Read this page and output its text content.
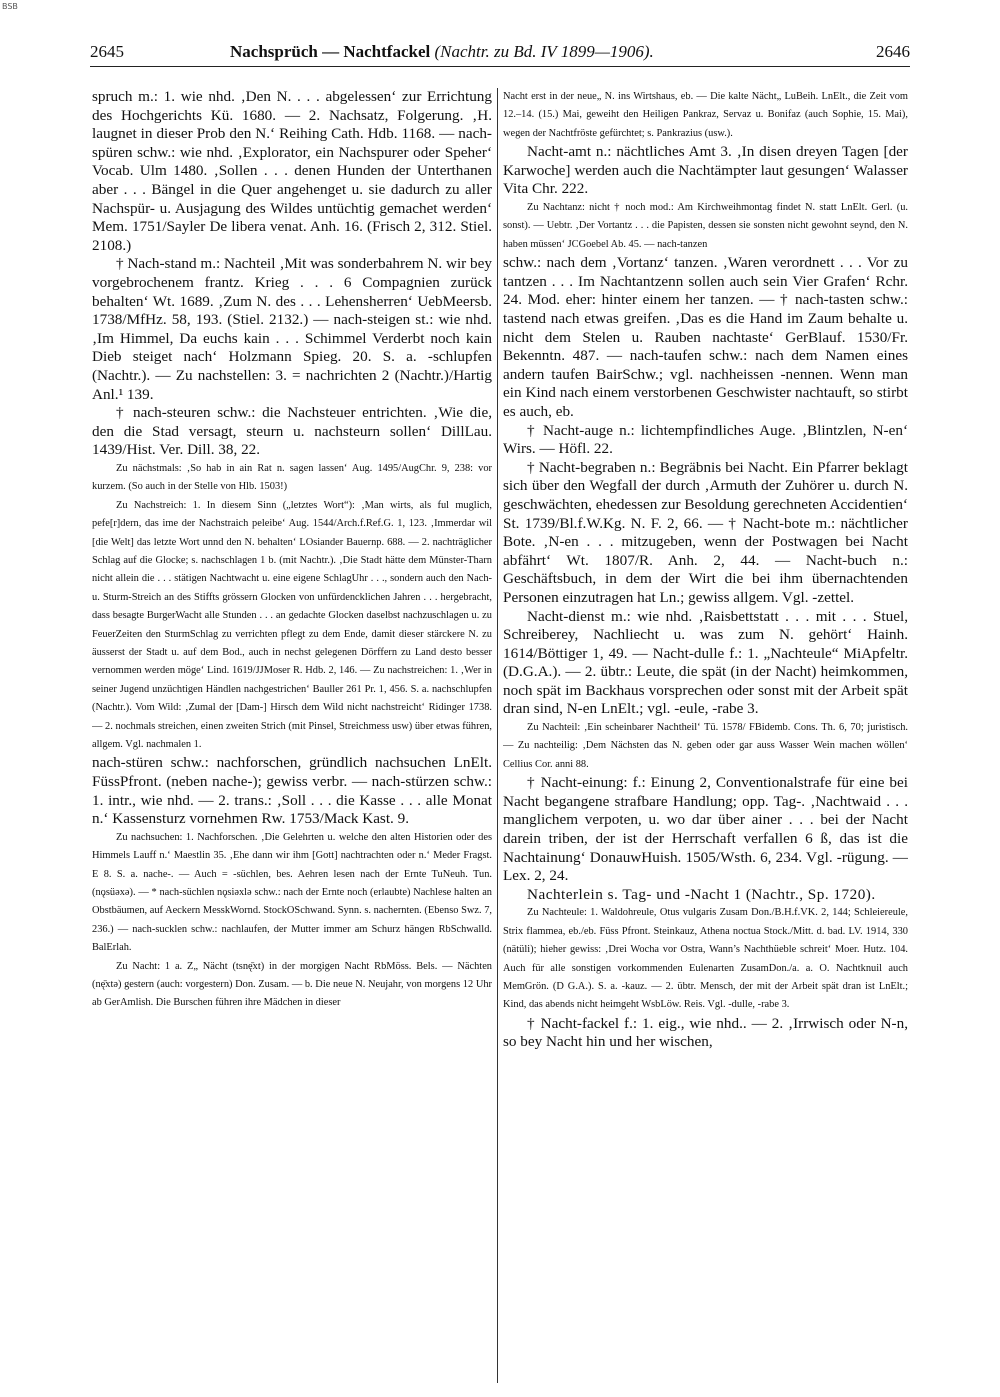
BSB
2645	Nachsprüch — Nachtfackel (Nachtr. zu Bd. IV 1899—1906).	2646

spruch m.: 1. wie nhd. ‚Den N. . . . abgelessen‘ zur Errichtung des Hochgerichts Kü. 1680. — 2. Nachsatz, Folgerung. ‚H. laugnet in dieser Prob den N.‘ Reihing Cath. Hdb. 1168. — nach-spüren schw.: wie nhd. ‚Explorator, ein Nachspurer oder Speher‘ Vocab. Ulm 1480. ‚Sollen . . . denen Hunden der Unterthanen aber . . . Bängel in die Quer angehenget u. sie dadurch zu aller Nachspür- u. Ausjagung des Wildes untüchtig gemachet werden‘ Mem. 1751/Sayler De libera venat. Anh. 16. (Frisch 2, 312. Stiel. 2108.)

† Nach-stand m.: Nachteil ‚Mit was sonderbahrem N. wir bey vorgebrochenem frantz. Krieg . . . 6 Compagnien zurück behalten‘ Wt. 1689. ‚Zum N. des . . . Lehensherren‘ UebMeersb. 1738/MfHz. 58, 193. (Stiel. 2132.) — nach-steigen st.: wie nhd. ‚Im Himmel, Da euchs kain . . . Schimmel Verderbt noch kain Dieb steiget nach‘ Holzmann Spieg. 20. S. a. -schlupfen (Nachtr.). — Zu nachstellen: 3. = nachrichten 2 (Nachtr.)/Hartig Anl.¹ 139.

† nach-steuren schw.: die Nachsteuer entrichten. ‚Wie die, den die Stad versagt, steurn u. nachsteurn sollen‘ DillLau. 1439/Hist. Ver. Dill. 38, 22.

Zu nächstmals: ‚So hab in ain Rat n. sagen lassen‘ Aug. 1495/AugChr. 9, 238: vor kurzem. (So auch in der Stelle von Hlb. 1503!)

Zu Nachstreich: 1. In diesem Sinn („letztes Wort“): ‚Man wirts, als ful muglich, pefe[r]dern, das ime der Nachstraich peleibe‘ Aug. 1544/Arch.f.Ref.G. 1, 123. ‚Immerdar wil [die Welt] das letzte Wort unnd den N. behalten‘ LOsiander Bauernp. 688. — 2. nachträglicher Schlag auf die Glocke; s. nachschlagen 1 b. (mit Nachtr.). ‚Die Stadt hätte dem Münster-Tharn nicht allein die . . . stätigen Nachtwacht u. eine eigene SchlagUhr . . ., sondern auch den Nach- u. Sturm-Streich an des Stiffts grössern Glocken von unfürdencklichen Jahren . . . hergebracht, dass besagte BurgerWacht alle Stunden . . . an gedachte Glocken daselbst nachzuschlagen u. zu FeuerZeiten den SturmSchlag zu verrichten pflegt zu dem Ende, damit dieser stärckere N. zu äusserst der Stadt u. auf dem Bod., auch in nechst gelegenen Dörffern zu Land desto besser vernommen werden möge‘ Lind. 1619/JJMoser R. Hdb. 2, 146. — Zu nachstreichen: 1. ‚Wer in seiner Jugend unzüchtigen Händlen nachgestrichen‘ Bauller 261 Pr. 1, 456. S. a. nachschlupfen (Nachtr.). Vom Wild: ‚Zumal der [Dam-] Hirsch dem Wild nicht nachstreicht‘ Ridinger 1738. — 2. nochmals streichen, einen zweiten Strich (mit Pinsel, Streichmess usw) über etwas führen, allgem. Vgl. nachmalen 1.

nach-stüren schw.: nachforschen, gründlich nachsuchen LnElt. FüssPfront. (neben nache-); gewiss verbr. — nach-stürzen schw.: 1. intr., wie nhd. — 2. trans.: ‚Soll . . . die Kasse . . . alle Monat n.‘ Kassensturz vornehmen Rw. 1753/Mack Kast. 9.

Zu nachsuchen: 1. Nachforschen. ‚Die Gelehrten u. welche den alten Historien oder des Himmels Lauff n.‘ Maestlin 35. ‚Ehe dann wir ihm [Gott] nachtrachten oder n.‘ Meder Fragst. E 8. S. a. nache-. — Auch = -süchlen, bes. Aehren lesen nach der Ernte TuNeuh. Tun. (nǫsüəxə). — * nach-süchlen nǫsiəxlə schw.: nach der Ernte noch (erlaubte) Nachlese halten an Obstbäumen, auf Aeckern MesskWornd. StockOSchwand. Synn. s. nachernten. (Ebenso Swz. 7, 236.) — nach-sucklen schw.: nachlaufen, der Mutter immer am Schurz hängen RbSchwalld. BalErlah.

Zu Nacht: 1 a. Z„ Nächt (tsnę̄xt) in der morgigen Nacht RbMöss. Bels. — Nächten (nę̄xtə) gestern (auch: vorgestern) Don. Zusam. — b. Die neue N. Neujahr, von morgens 12 Uhr ab GerAmlish. Die Burschen führen ihre Mädchen in dieser

Nacht erst in der neue„ N. ins Wirtshaus, eb. — Die kalte Nächt„ LuBeih. LnElt., die Zeit vom 12.–14. (15.) Mai, geweiht den Heiligen Pankraz, Servaz u. Bonifaz (auch Sophie, 15. Mai), wegen der Nachtfröste gefürchtet; s. Pankrazius (usw.).

Nacht-amt n.: nächtliches Amt 3. ‚In disen dreyen Tagen [der Karwoche] werden auch die Nachtämpter laut gesungen‘ Walasser Vita Chr. 222.

Zu Nachtanz: nicht † noch mod.: Am Kirchweihmontag findet N. statt LnElt. Gerl. (u. sonst). — Uebtr. ‚Der Vortantz . . . die Papisten, dessen sie sonsten nicht gewohnt seynd, den N. haben müssen‘ JCGoebel Ab. 45. — nach-tanzen

schw.: nach dem ‚Vortanz‘ tanzen. ‚Waren verordnett . . . Vor zu tantzen . . . Im Nachtantzenn sollen auch sein Vier Grafen‘ Rchr. 24. Mod. eher: hinter einem her tanzen. — † nach-tasten schw.: tastend nach etwas greifen. ‚Das es die Hand im Zaum behalte u. nicht dem Stelen u. Rauben nachtaste‘ GerBlauf. 1530/Fr. Bekenntn. 487. — nach-taufen schw.: nach dem Namen eines andern taufen BairSchw.; vgl. nachheissen -nennen. Wenn man ein Kind nach einem verstorbenen Geschwister nachtauft, so stirbt es auch, eb.

† Nacht-auge n.: lichtempfindliches Auge. ‚Blintzlen, N-en‘ Wirs. — Höfl. 22.

† Nacht-begraben n.: Begräbnis bei Nacht. Ein Pfarrer beklagt sich über den Wegfall der durch ‚Armuth der Zuhörer u. durch N. geschwächten, ehedessen zur Besoldung gerechneten Accidentien‘ St. 1739/Bl.f.W.Kg. N. F. 2, 66. — † Nacht-bote m.: nächtlicher Bote. ‚N-en . . . mitzugeben, wenn der Postwagen bei Nacht abfährt‘ Wt. 1807/R. Anh. 2, 44. — Nacht-buch n.: Geschäftsbuch, in dem der Wirt die bei ihm übernachtenden Personen einzutragen hat Ln.; gewiss allgem. Vgl. -zettel.

Nacht-dienst m.: wie nhd. ‚Raisbettstatt . . . mit . . . Stuel, Schreiberey, Nachliecht u. was zum N. gehört‘ Hainh. 1614/Böttiger 1, 49. — Nacht-dulle f.: 1. „Nachteule“ MiApfeltr. (D.G.A.). — 2. übtr.: Leute, die spät (in der Nacht) heimkommen, noch spät im Backhaus vorsprechen oder sonst mit der Arbeit spät dran sind, N-en LnElt.; vgl. -eule, -rabe 3.

Zu Nachteil: ‚Ein scheinbarer Nachtheil‘ Tü. 1578/ FBidemb. Cons. Th. 6, 70; juristisch. — Zu nachteilig: ‚Dem Nächsten das N. geben oder gar auss Wasser Wein machen wöllen‘ Cellius Cor. anni 88.

† Nacht-einung: f.: Einung 2, Conventionalstrafe für eine bei Nacht begangene strafbare Handlung; opp. Tag-. ‚Nachtwaid . . . manglichem verpoten, u. wo dar über ainer . . . bei der Nacht darein triben, der ist der Herrschaft verfallen 6 ß, das ist die Nachtainung‘ DonauwHuish. 1505/Wsth. 6, 234. Vgl. -rügung. — Lex. 2, 24.

Nachterlein s. Tag- und -Nacht 1 (Nachtr., Sp. 1720).

Zu Nachteule: 1. Waldohreule, Otus vulgaris Zusam Don./B.H.f.VK. 2, 144; Schleiereule, Strix flammea, eb./eb. Füss Pfront. Steinkauz, Athena noctua Stock./Mitt. d. bad. LV. 1914, 330 (nätüli); hieher gewiss: ‚Drei Wocha vor Ostra, Wann’s Nachthüeble schreit‘ Moer. Hutz. 104. Auch für alle sonstigen vorkommenden Eulenarten ZusamDon./a. a. O. Nachtknuil auch MemGrön. (D G.A.). S. a. -kauz. — 2. übtr. Mensch, der mit der Arbeit spät dran ist LnElt.; Kind, das abends nicht heimgeht WsbLöw. Reis. Vgl. -dulle, -rabe 3.

† Nacht-fackel f.: 1. eig., wie nhd.. — 2. ‚Irrwisch oder N-n, so bey Nacht hin und her wischen,
